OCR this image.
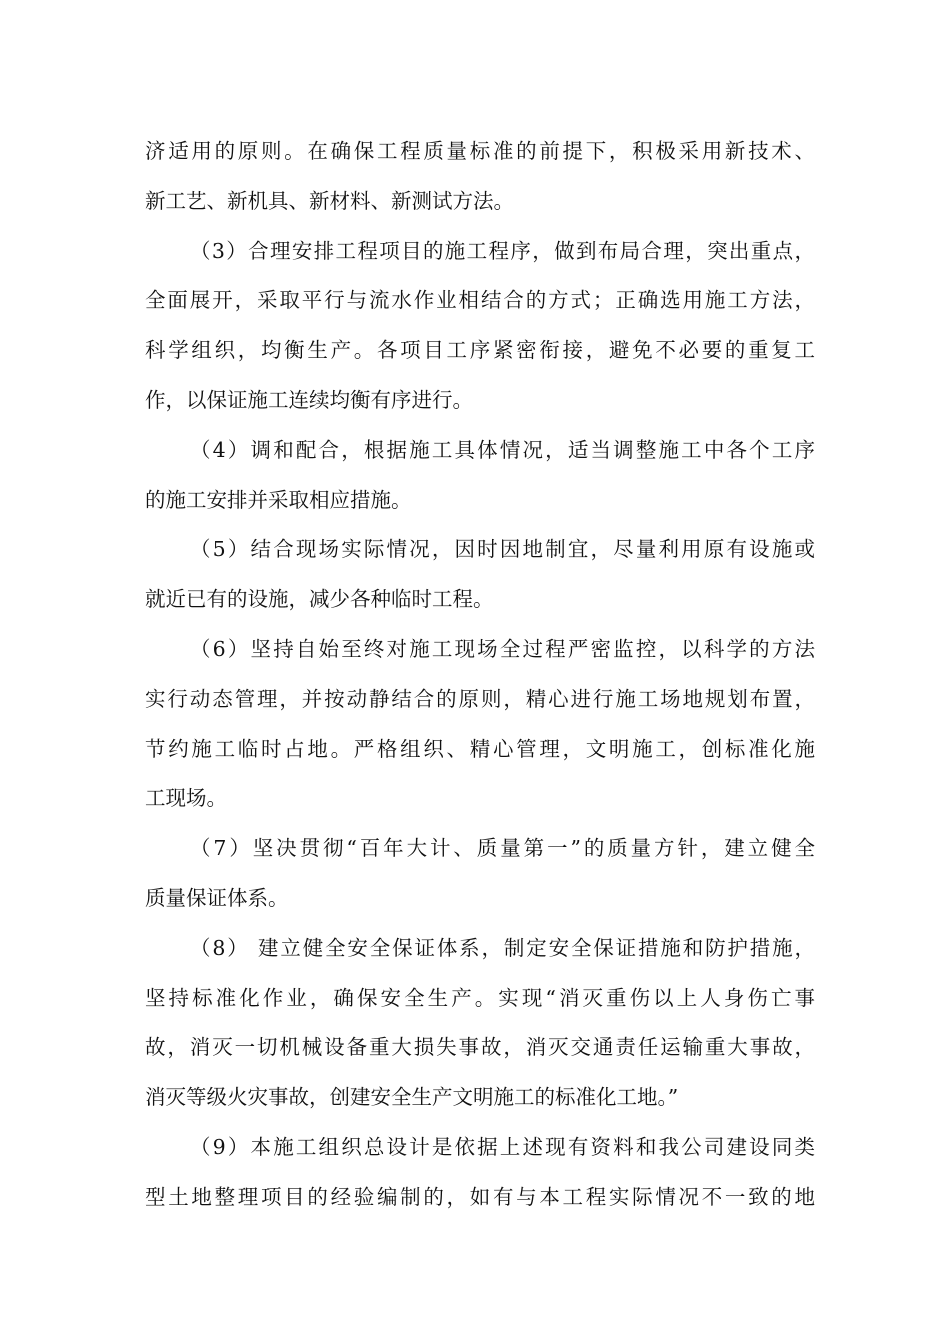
济适用的原则。在确保工程质量标准的前提下，积极采用新技术、
新工艺、新机具、新材料、新测试方法。
（3）合理安排工程项目的施工程序，做到布局合理，突出重点，
全面展开，采取平行与流水作业相结合的方式；正确选用施工方法，
科学组织，均衡生产。各项目工序紧密衔接，避免不必要的重复工
作，以保证施工连续均衡有序进行。
（4）调和配合，根据施工具体情况，适当调整施工中各个工序
的施工安排并采取相应措施。
（5）结合现场实际情况，因时因地制宜，尽量利用原有设施或
就近已有的设施，减少各种临时工程。
（6）坚持自始至终对施工现场全过程严密监控，以科学的方法
实行动态管理，并按动静结合的原则，精心进行施工场地规划布置，
节约施工临时占地。严格组织、精心管理，文明施工，创标准化施
工现场。
（7）坚决贯彻“百年大计、质量第一”的质量方针，建立健全
质量保证体系。
（8） 建立健全安全保证体系，制定安全保证措施和防护措施，
坚持标准化作业，确保安全生产。实现“消灭重伤以上人身伤亡事
故，消灭一切机械设备重大损失事故，消灭交通责任运输重大事故，
消灭等级火灾事故，创建安全生产文明施工的标准化工地。”
（9）本施工组织总设计是依据上述现有资料和我公司建设同类
型土地整理项目的经验编制的，如有与本工程实际情况不一致的地
